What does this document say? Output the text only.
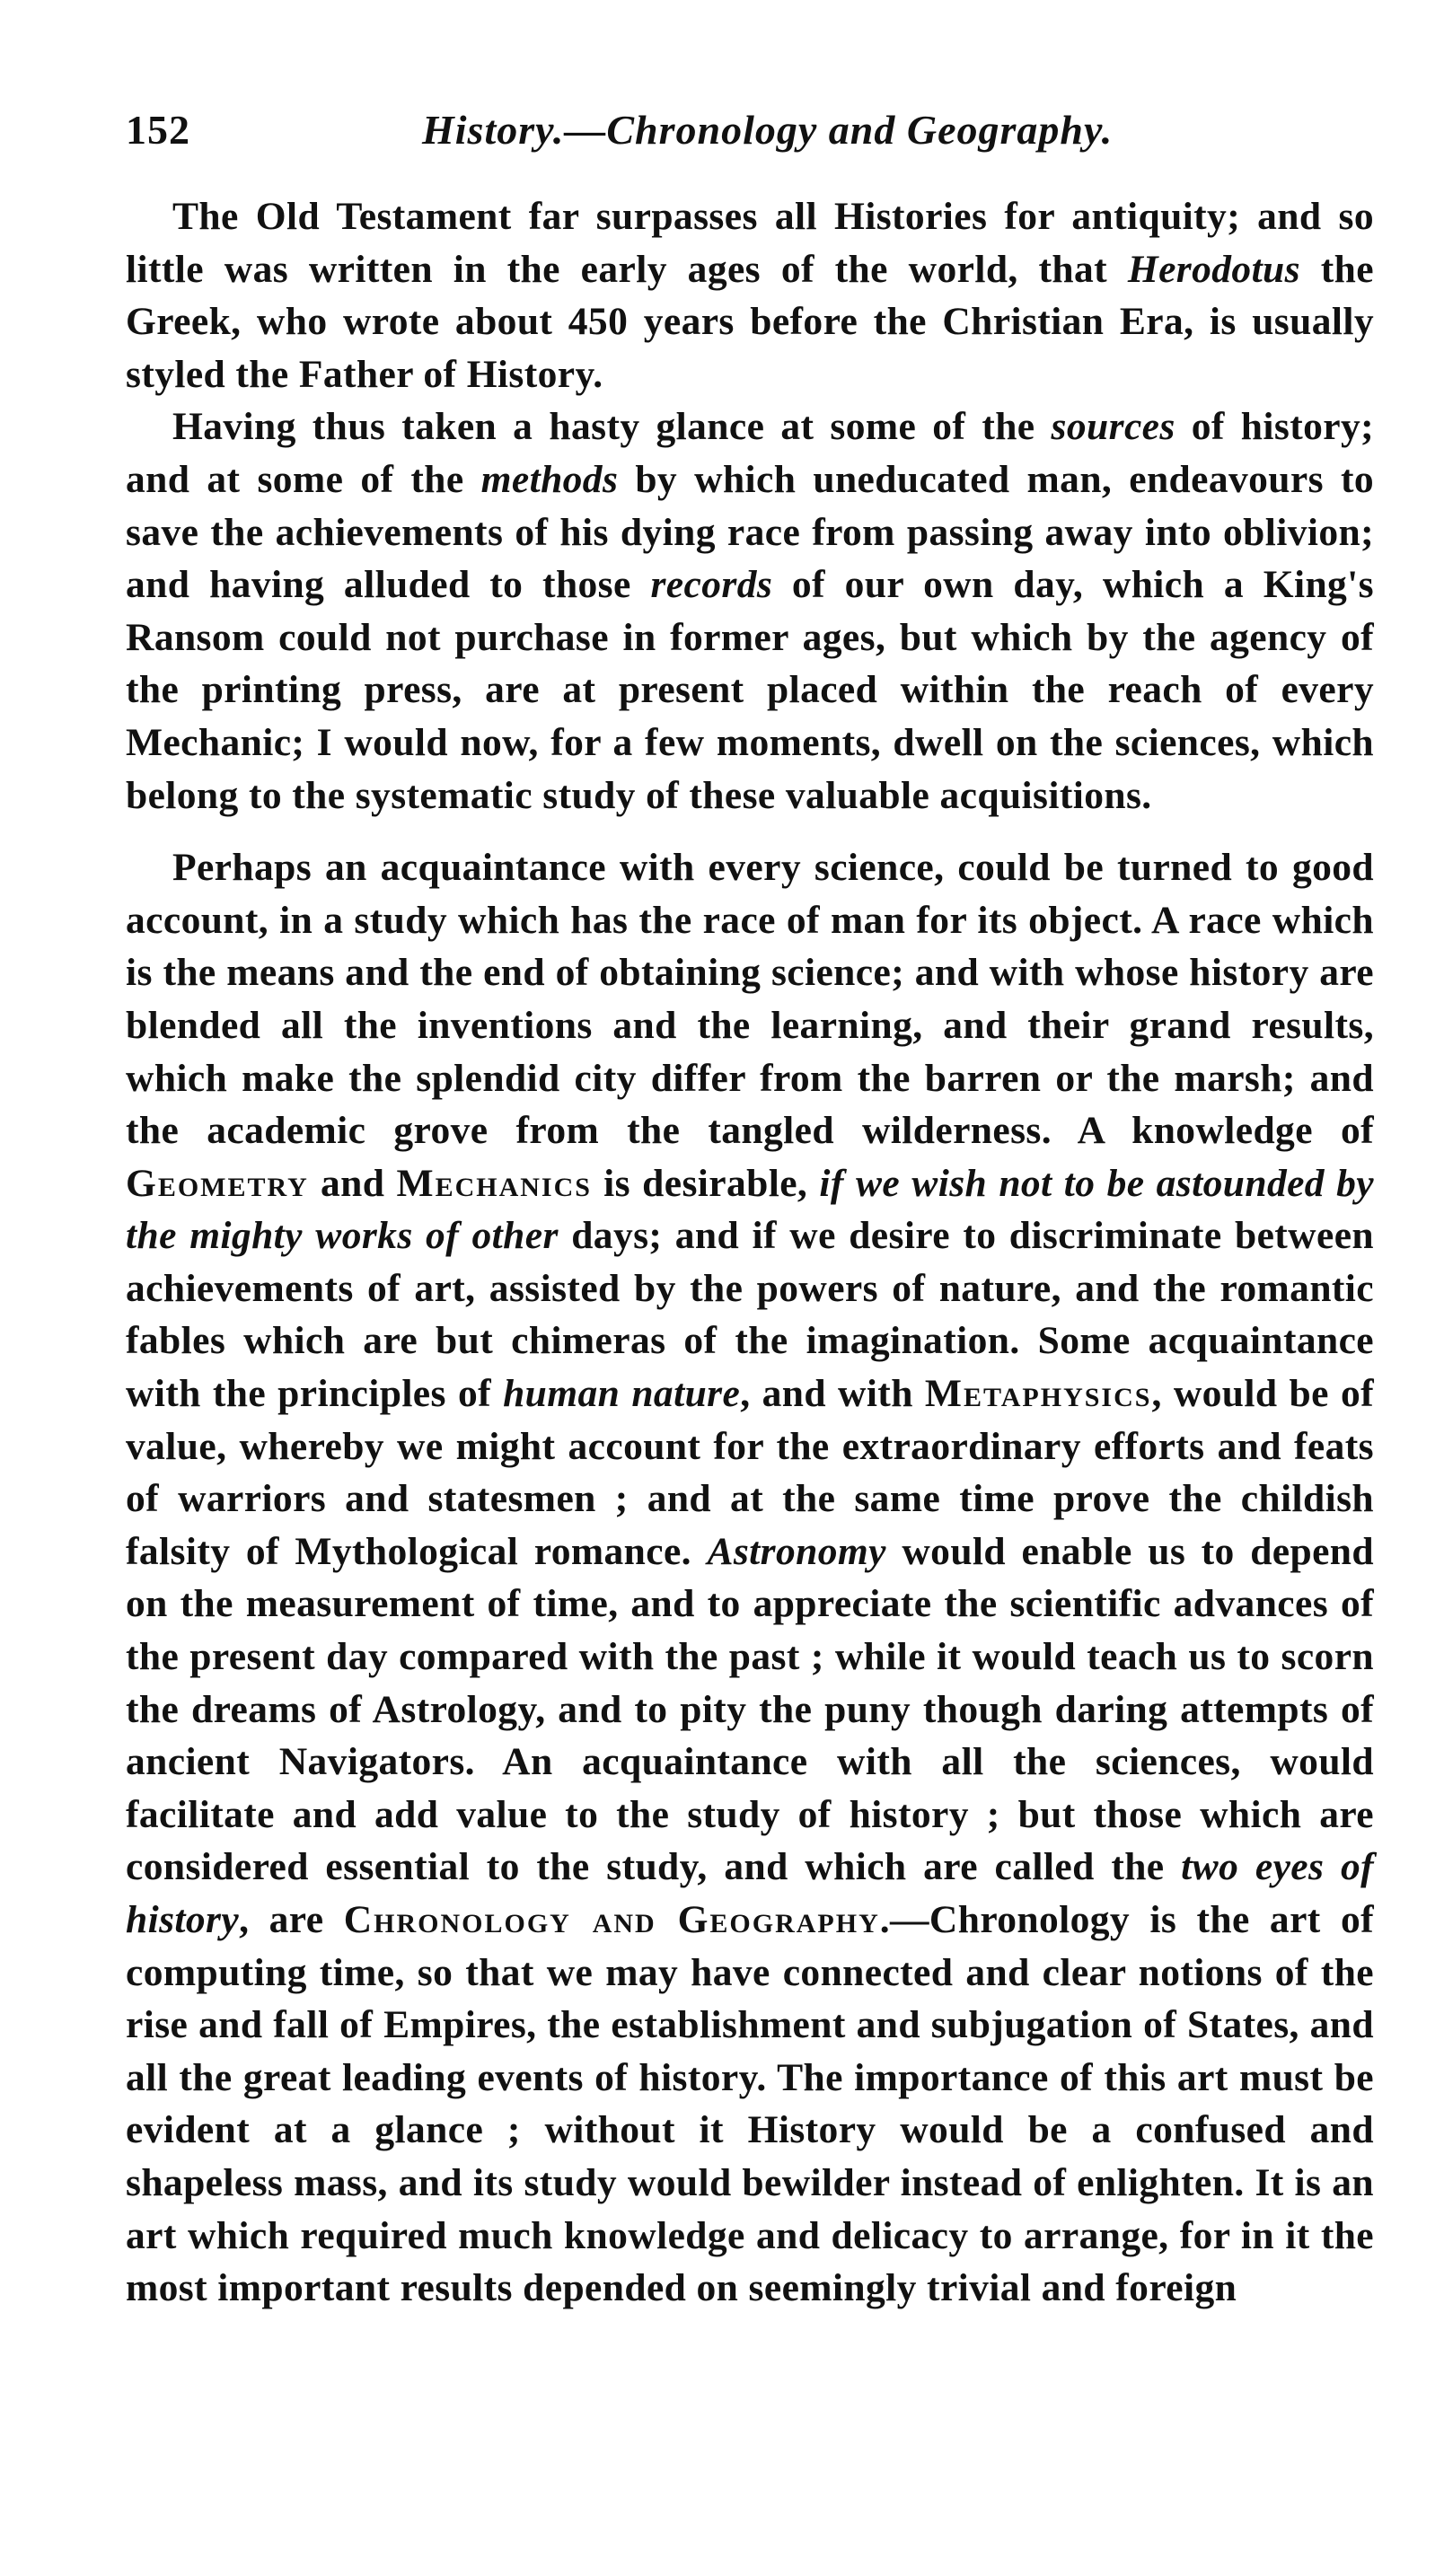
152	History.—Chronology and Geography.

The Old Testament far surpasses all Histories for antiquity; and so little was written in the early ages of the world, that Herodotus the Greek, who wrote about 450 years before the Christian Era, is usually styled the Father of History.

Having thus taken a hasty glance at some of the sources of history; and at some of the methods by which uneducated man, endeavours to save the achievements of his dying race from passing away into oblivion; and having alluded to those records of our own day, which a King's Ransom could not purchase in former ages, but which by the agency of the printing press, are at present placed within the reach of every Mechanic; I would now, for a few moments, dwell on the sciences, which belong to the systematic study of these valuable acquisitions.

Perhaps an acquaintance with every science, could be turned to good account, in a study which has the race of man for its object. A race which is the means and the end of obtaining science; and with whose history are blended all the inventions and the learning, and their grand results, which make the splendid city differ from the barren or the marsh; and the academic grove from the tangled wilderness. A knowledge of Geometry and Mechanics is desirable, if we wish not to be astounded by the mighty works of other days; and if we desire to discriminate between achievements of art, assisted by the powers of nature, and the romantic fables which are but chimeras of the imagination. Some acquaintance with the principles of human nature, and with Metaphysics, would be of value, whereby we might account for the extraordinary efforts and feats of warriors and statesmen ; and at the same time prove the childish falsity of Mythological romance. Astronomy would enable us to depend on the measurement of time, and to appreciate the scientific advances of the present day compared with the past ; while it would teach us to scorn the dreams of Astrology, and to pity the puny though daring attempts of ancient Navigators. An acquaintance with all the sciences, would facilitate and add value to the study of history ; but those which are considered essential to the study, and which are called the two eyes of history, are Chronology and Geography.—Chronology is the art of computing time, so that we may have connected and clear notions of the rise and fall of Empires, the establishment and subjugation of States, and all the great leading events of history. The importance of this art must be evident at a glance ; without it History would be a confused and shapeless mass, and its study would bewilder instead of enlighten. It is an art which required much knowledge and delicacy to arrange, for in it the most important results depended on seemingly trivial and foreign
